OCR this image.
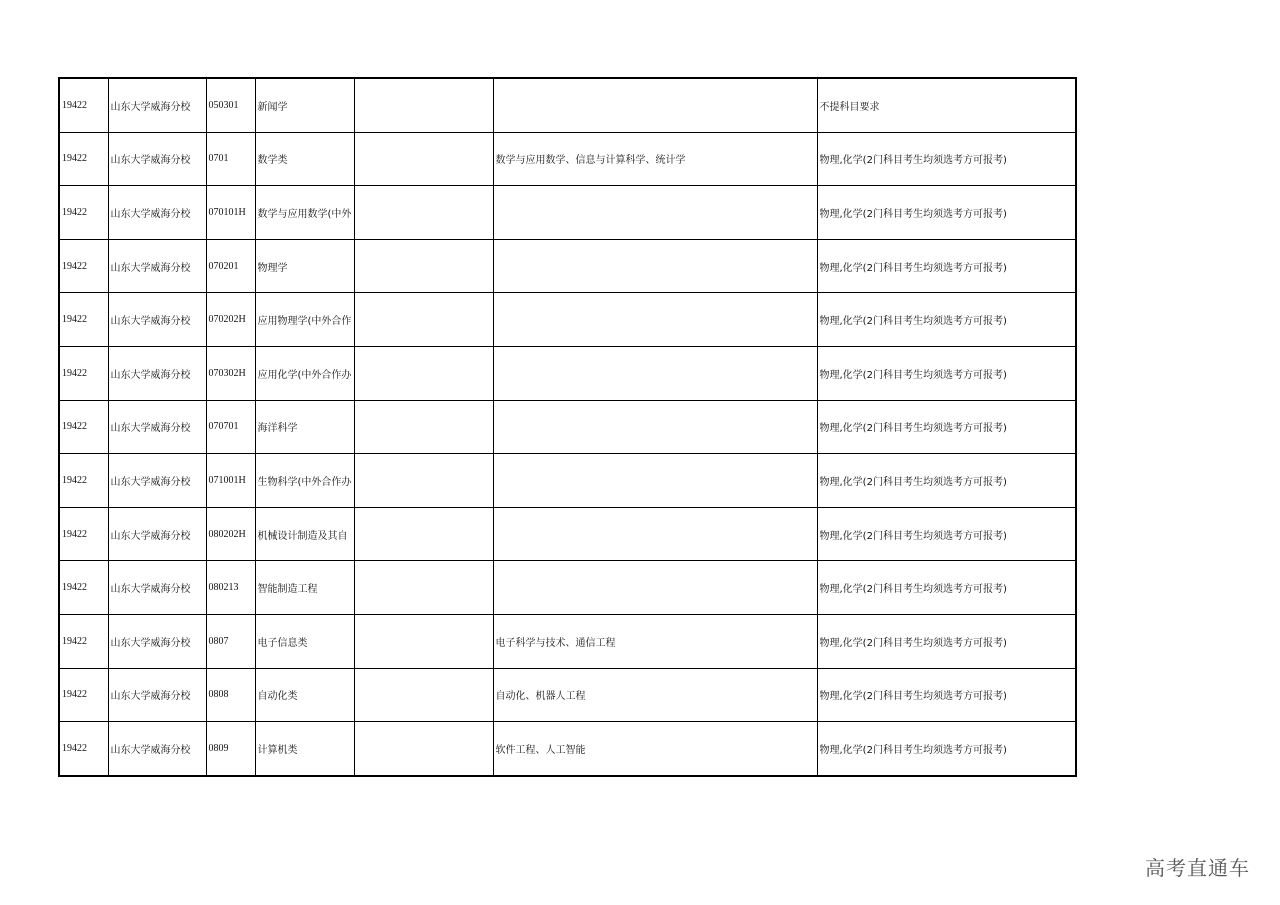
19422	山东大学威海分校	050301	新闻学			不提科目要求
19422	山东大学威海分校	0701	数学类		数学与应用数学、信息与计算科学、统计学	物理,化学(2门科目考生均须选考方可报考)
19422	山东大学威海分校	070101H	数学与应用数学(中外			物理,化学(2门科目考生均须选考方可报考)
19422	山东大学威海分校	070201	物理学			物理,化学(2门科目考生均须选考方可报考)
19422	山东大学威海分校	070202H	应用物理学(中外合作			物理,化学(2门科目考生均须选考方可报考)
19422	山东大学威海分校	070302H	应用化学(中外合作办			物理,化学(2门科目考生均须选考方可报考)
19422	山东大学威海分校	070701	海洋科学			物理,化学(2门科目考生均须选考方可报考)
19422	山东大学威海分校	071001H	生物科学(中外合作办			物理,化学(2门科目考生均须选考方可报考)
19422	山东大学威海分校	080202H	机械设计制造及其自			物理,化学(2门科目考生均须选考方可报考)
19422	山东大学威海分校	080213	智能制造工程			物理,化学(2门科目考生均须选考方可报考)
19422	山东大学威海分校	0807	电子信息类		电子科学与技术、通信工程	物理,化学(2门科目考生均须选考方可报考)
19422	山东大学威海分校	0808	自动化类		自动化、机器人工程	物理,化学(2门科目考生均须选考方可报考)
19422	山东大学威海分校	0809	计算机类		软件工程、人工智能	物理,化学(2门科目考生均须选考方可报考)
高考直通车
